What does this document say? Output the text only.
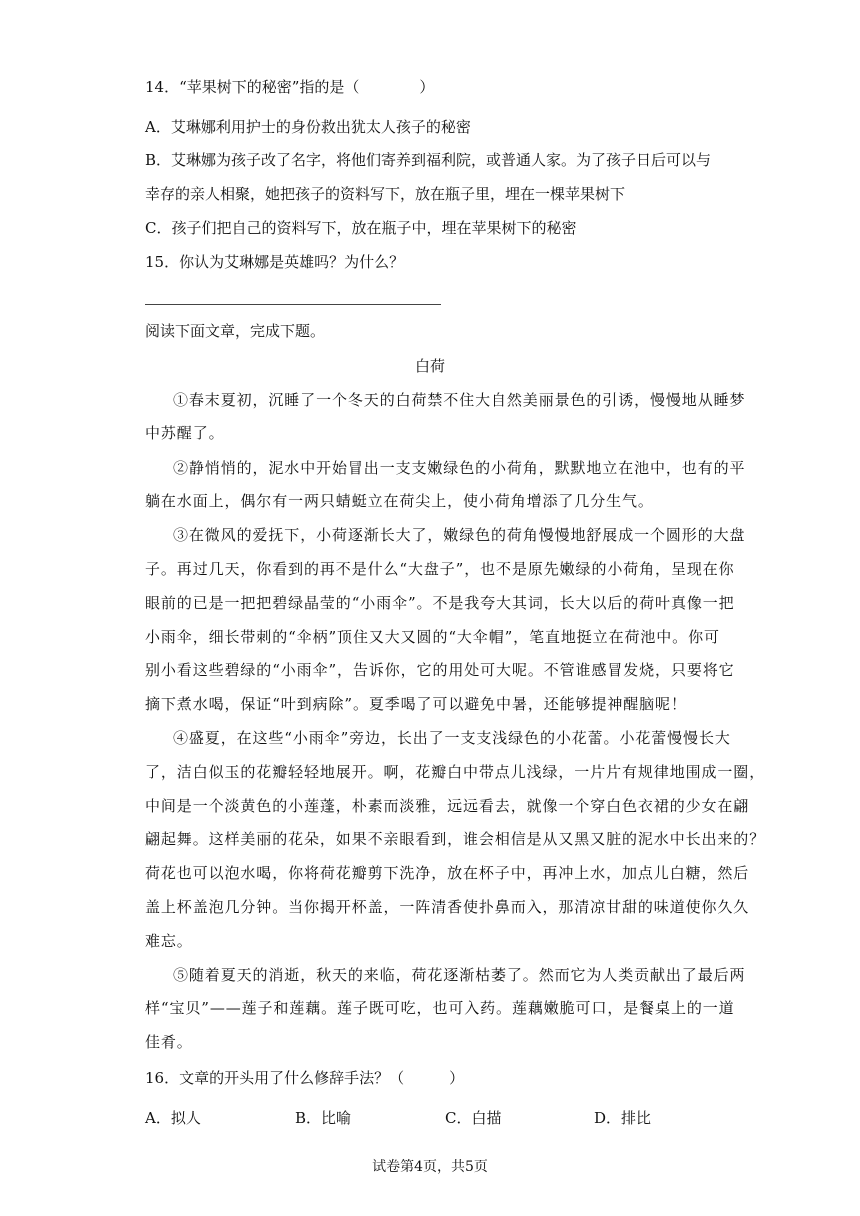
14．“苹果树下的秘密”指的是（　　　　）
A．艾琳娜利用护士的身份救出犹太人孩子的秘密
B．艾琳娜为孩子改了名字，将他们寄养到福利院，或普通人家。为了孩子日后可以与
幸存的亲人相聚，她把孩子的资料写下，放在瓶子里，埋在一棵苹果树下
C．孩子们把自己的资料写下，放在瓶子中，埋在苹果树下的秘密
15．你认为艾琳娜是英雄吗？为什么？
阅读下面文章，完成下题。
白荷
①春末夏初，沉睡了一个冬天的白荷禁不住大自然美丽景色的引诱，慢慢地从睡梦
中苏醒了。
②静悄悄的，泥水中开始冒出一支支嫩绿色的小荷角，默默地立在池中，也有的平
躺在水面上，偶尔有一两只蜻蜓立在荷尖上，使小荷角增添了几分生气。
③在微风的爱抚下，小荷逐渐长大了，嫩绿色的荷角慢慢地舒展成一个圆形的大盘
子。再过几天，你看到的再不是什么“大盘子”，也不是原先嫩绿的小荷角，呈现在你
眼前的已是一把把碧绿晶莹的“小雨伞”。不是我夸大其词，长大以后的荷叶真像一把
小雨伞，细长带刺的“伞柄”顶住又大又圆的“大伞帽”，笔直地挺立在荷池中。你可
别小看这些碧绿的“小雨伞”，告诉你，它的用处可大呢。不管谁感冒发烧，只要将它
摘下煮水喝，保证“叶到病除”。夏季喝了可以避免中暑，还能够提神醒脑呢！
④盛夏，在这些“小雨伞”旁边，长出了一支支浅绿色的小花蕾。小花蕾慢慢长大
了，洁白似玉的花瓣轻轻地展开。啊，花瓣白中带点儿浅绿，一片片有规律地围成一圈，
中间是一个淡黄色的小莲蓬，朴素而淡雅，远远看去，就像一个穿白色衣裙的少女在翩
翩起舞。这样美丽的花朵，如果不亲眼看到，谁会相信是从又黑又脏的泥水中长出来的？
荷花也可以泡水喝，你将荷花瓣剪下洗净，放在杯子中，再冲上水，加点儿白糖，然后
盖上杯盖泡几分钟。当你揭开杯盖，一阵清香使扑鼻而入，那清凉甘甜的味道使你久久
难忘。
⑤随着夏天的消逝，秋天的来临，荷花逐渐枯萎了。然而它为人类贡献出了最后两
样“宝贝”——莲子和莲藕。莲子既可吃，也可入药。莲藕嫩脆可口，是餐桌上的一道
佳肴。
16．文章的开头用了什么修辞手法？（　　　）
A．拟人	B．比喻	C．白描	D．排比
试卷第4页，共5页
